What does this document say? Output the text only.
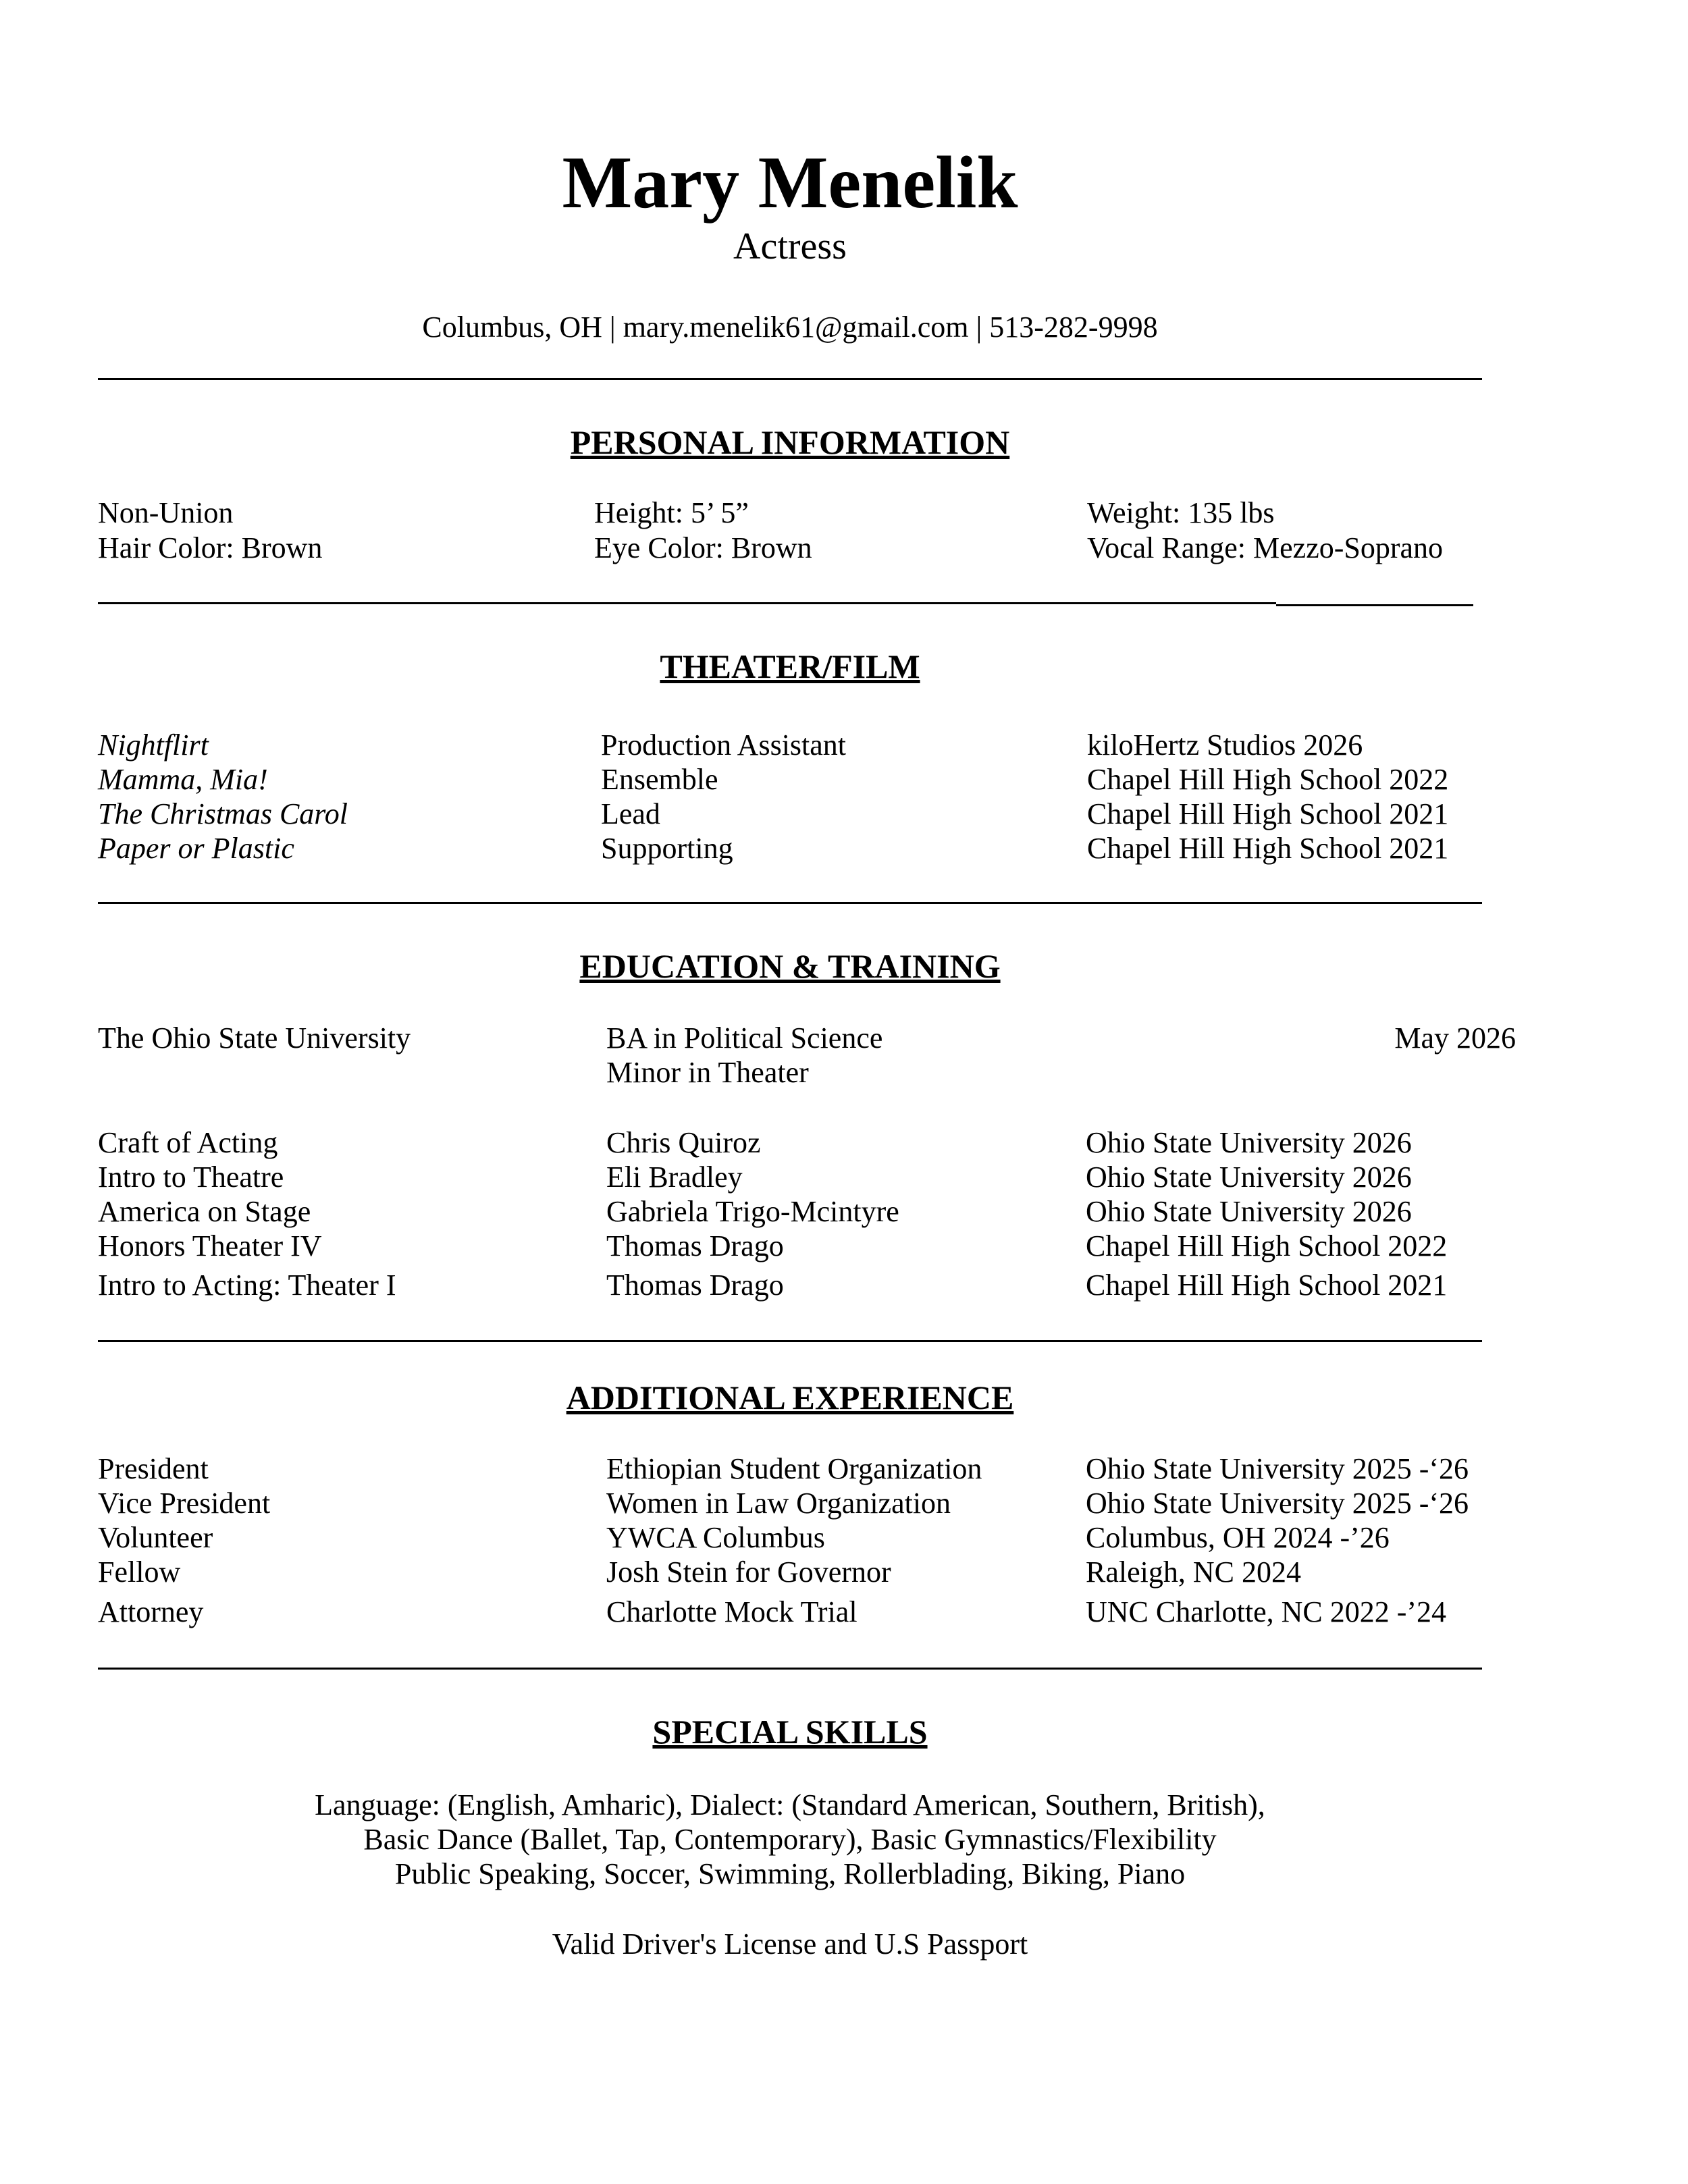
Mary Menelik
Actress
Columbus, OH | mary.menelik61@gmail.com | 513-282-9998
PERSONAL INFORMATION
Non-Union	Height: 5’ 5”	Weight: 135 lbs
Hair Color: Brown	Eye Color: Brown	Vocal Range: Mezzo-Soprano
THEATER/FILM
Nightflirt	Production Assistant	kiloHertz Studios 2026
Mamma, Mia!	Ensemble	Chapel Hill High School 2022
The Christmas Carol	Lead	Chapel Hill High School 2021
Paper or Plastic	Supporting	Chapel Hill High School 2021
EDUCATION & TRAINING
The Ohio State University	BA in Political Science	May 2026
Minor in Theater
Craft of Acting	Chris Quiroz	Ohio State University 2026
Intro to Theatre	Eli Bradley	Ohio State University 2026
America on Stage	Gabriela Trigo-Mcintyre	Ohio State University 2026
Honors Theater IV	Thomas Drago	Chapel Hill High School 2022
Intro to Acting: Theater I	Thomas Drago	Chapel Hill High School 2021
ADDITIONAL EXPERIENCE
President	Ethiopian Student Organization	Ohio State University 2025 -‘26
Vice President	Women in Law Organization	Ohio State University 2025 -‘26
Volunteer	YWCA Columbus	Columbus, OH 2024 -’26
Fellow	Josh Stein for Governor	Raleigh, NC 2024
Attorney	Charlotte Mock Trial	UNC Charlotte, NC 2022 -’24
SPECIAL SKILLS
Language: (English, Amharic), Dialect: (Standard American, Southern, British),
Basic Dance (Ballet, Tap, Contemporary), Basic Gymnastics/Flexibility
Public Speaking, Soccer, Swimming, Rollerblading, Biking, Piano
Valid Driver's License and U.S Passport
